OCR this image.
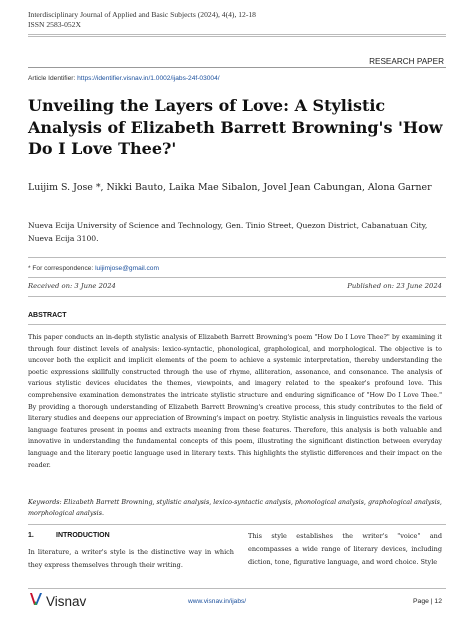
Interdisciplinary Journal of Applied and Basic Subjects (2024), 4(4), 12-18
ISSN 2583-052X
RESEARCH PAPER
Article Identifier: https://identifier.visnav.in/1.0002/ijabs-24f-03004/
Unveiling the Layers of Love: A Stylistic Analysis of Elizabeth Barrett Browning's 'How Do I Love Thee?'
Luijim S. Jose *, Nikki Bauto, Laika Mae Sibalon, Jovel Jean Cabungan, Alona Garner
Nueva Ecija University of Science and Technology, Gen. Tinio Street, Quezon District, Cabanatuan City, Nueva Ecija 3100.
* For correspondence: luijimjose@gmail.com
Received on: 3 June 2024	Published on: 23 June 2024
ABSTRACT

This paper conducts an in-depth stylistic analysis of Elizabeth Barrett Browning's poem "How Do I Love Thee?" by examining it through four distinct levels of analysis: lexico-syntactic, phonological, graphological, and morphological. The objective is to uncover both the explicit and implicit elements of the poem to achieve a systemic interpretation, thereby understanding the poetic expressions skillfully constructed through the use of rhyme, alliteration, assonance, and consonance. The analysis of various stylistic devices elucidates the themes, viewpoints, and imagery related to the speaker's profound love. This comprehensive examination demonstrates the intricate stylistic structure and enduring significance of "How Do I Love Thee." By providing a thorough understanding of Elizabeth Barrett Browning's creative process, this study contributes to the field of literary studies and deepens our appreciation of Browning's impact on poetry. Stylistic analysis in linguistics reveals the various language features present in poems and extracts meaning from these features. Therefore, this analysis is both valuable and innovative in understanding the fundamental concepts of this poem, illustrating the significant distinction between everyday language and the literary poetic language used in literary texts. This highlights the stylistic differences and their impact on the reader.

Keywords: Elizabeth Barrett Browning, stylistic analysis, lexico-syntactic analysis, phonological analysis, graphological analysis, morphological analysis.

1.	INTRODUCTION

In literature, a writer's style is the distinctive way in which they express themselves through their writing.

This style establishes the writer's "voice" and encompasses a wide range of literary devices, including diction, tone, figurative language, and word choice. Style

Visnav	www.visnav.in/ijabs/	Page | 12
